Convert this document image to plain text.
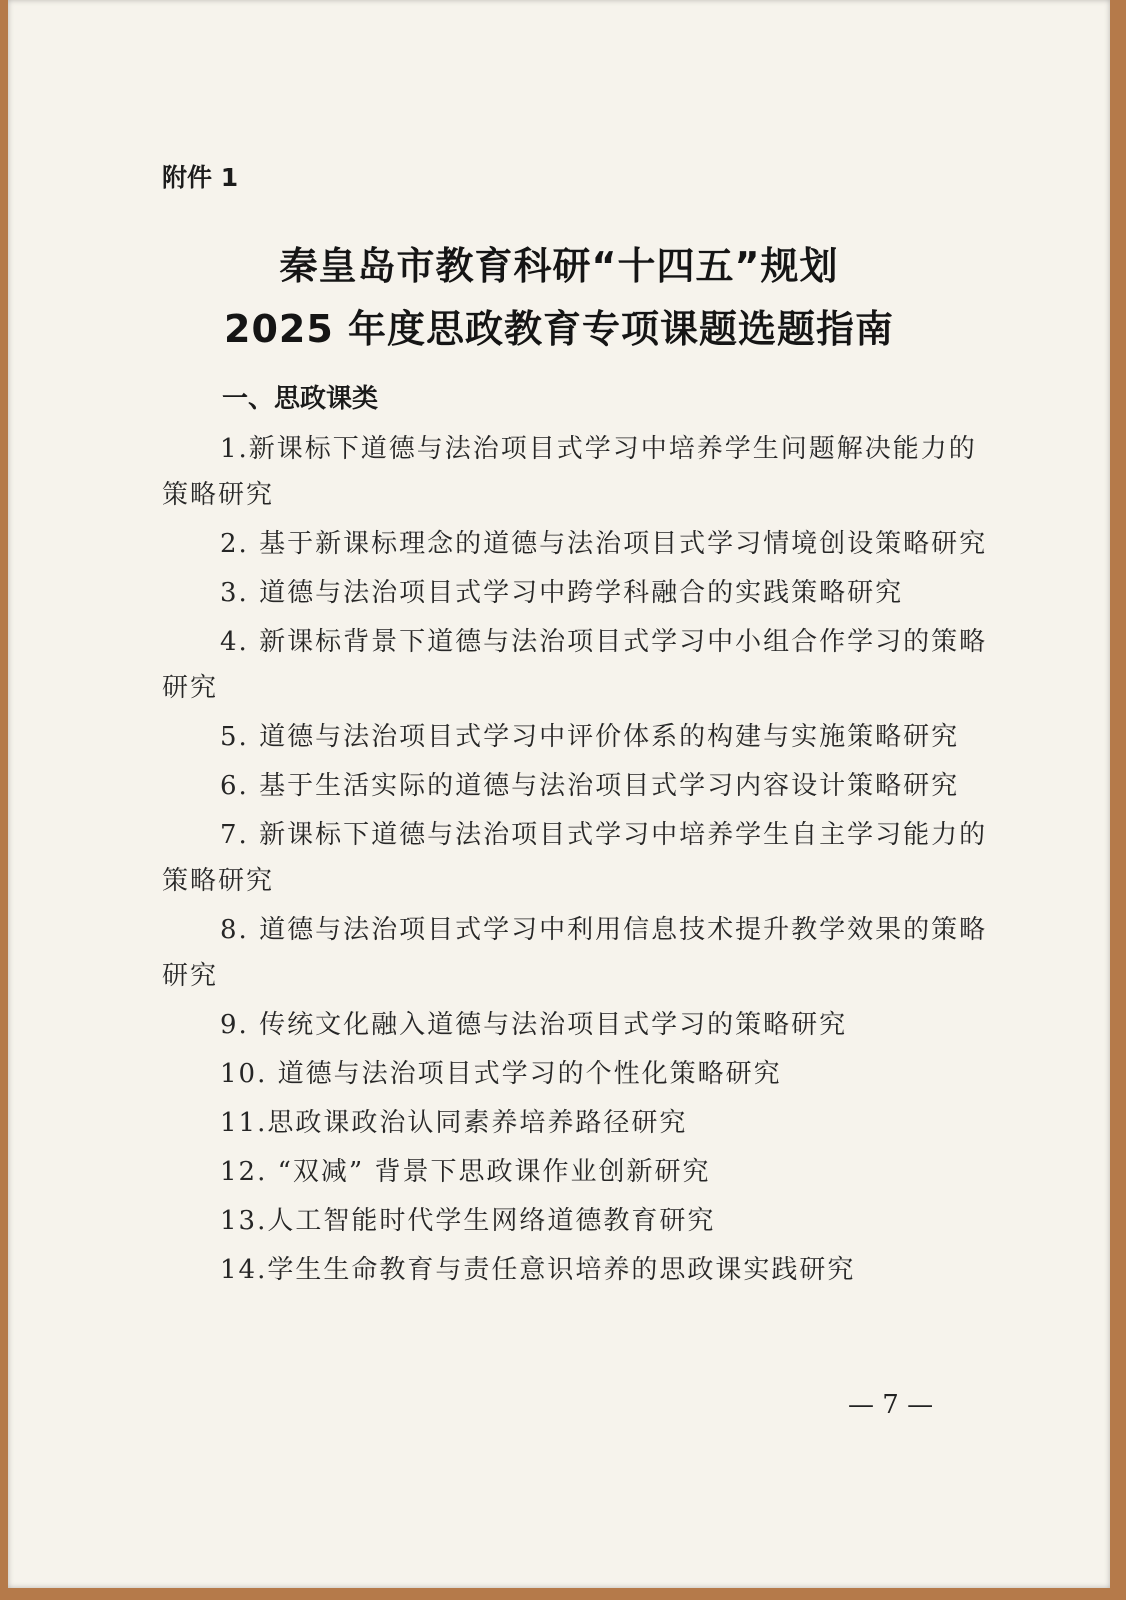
附件 1
秦皇岛市教育科研“十四五”规划
2025 年度思政教育专项课题选题指南
一、思政课类
1.新课标下道德与法治项目式学习中培养学生问题解决能力的策略研究
2. 基于新课标理念的道德与法治项目式学习情境创设策略研究
3. 道德与法治项目式学习中跨学科融合的实践策略研究
4. 新课标背景下道德与法治项目式学习中小组合作学习的策略研究
5. 道德与法治项目式学习中评价体系的构建与实施策略研究
6. 基于生活实际的道德与法治项目式学习内容设计策略研究
7. 新课标下道德与法治项目式学习中培养学生自主学习能力的策略研究
8. 道德与法治项目式学习中利用信息技术提升教学效果的策略研究
9. 传统文化融入道德与法治项目式学习的策略研究
10. 道德与法治项目式学习的个性化策略研究
11.思政课政治认同素养培养路径研究
12. “双减” 背景下思政课作业创新研究
13.人工智能时代学生网络道德教育研究
14.学生生命教育与责任意识培养的思政课实践研究
— 7 —
